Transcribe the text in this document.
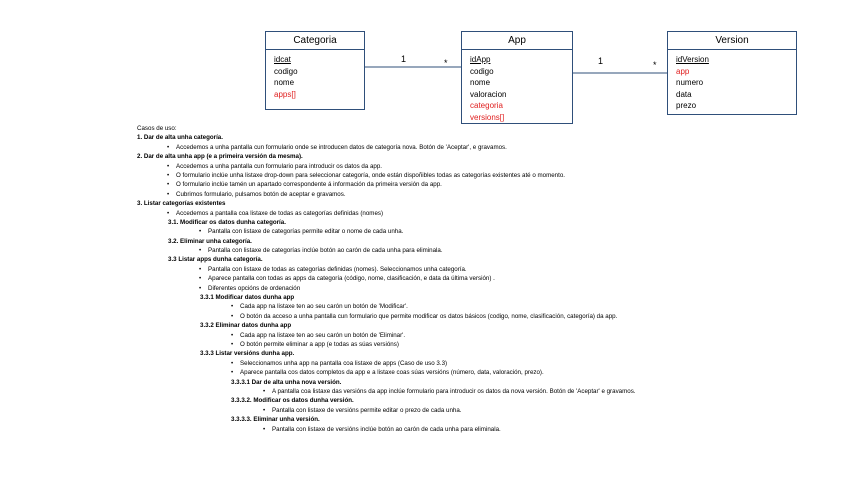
Categoria
idcat
codigo
nome
apps[]
App
idApp
codigo
nome
valoracion
categoria
versions[]
Version
idVersion
app
numero
data
prezo
1	*	1	*
Casos de uso:
1. Dar de alta unha categoría.
• Accedemos a unha pantalla cun formulario onde se introducen datos de categoría nova. Botón de 'Aceptar', e gravamos.
2. Dar de alta unha app (e a primeira versión da mesma).
• Accedemos a unha pantalla cun formulario para introducir os datos da app.
• O formulario inclúe unha listaxe drop-down para seleccionar categoría, onde están dispoñibles todas as categorías existentes até o momento.
• O formulario inclúe tamén un apartado correspondente á información da primeira versión da app.
• Cubrimos formulario, pulsamos botón de aceptar e gravamos.
3. Listar categorías existentes
• Accedemos a pantalla coa listaxe de todas as categorías definidas (nomes)
3.1. Modificar os datos dunha categoría.
• Pantalla con listaxe de categorías permite editar o nome de cada unha.
3.2. Eliminar unha categoría.
• Pantalla con listaxe de categorías inclúe botón ao carón de cada unha para eliminala.
3.3 Listar apps dunha categoría.
• Pantalla con listaxe de todas as categorías definidas (nomes). Seleccionamos unha categoría.
• Aparece pantalla con todas as apps da categoría (código, nome, clasificación, e data da última versión) .
• Diferentes opcións de ordenación
3.3.1 Modificar datos dunha app
• Cada app na listaxe ten ao seu carón un botón de 'Modificar'.
• O botón da acceso a unha pantalla cun formulario que permite modificar os datos básicos (codigo, nome, clasificación, categoría) da app.
3.3.2 Eliminar datos dunha app
• Cada app na listaxe ten ao seu carón un botón de 'Eliminar'.
• O botón permite eliminar a app (e todas as súas versións)
3.3.3 Listar versións dunha app.
• Seleccionamos unha app na pantalla coa listaxe de apps (Caso de uso 3.3)
• Aparece pantalla cos datos completos da app e a listaxe coas súas versións (número, data, valoración, prezo).
3.3.3.1 Dar de alta unha nova versión.
• A pantalla coa listaxe das versións da app inclúe formulario para introducir os datos da nova versión. Botón de 'Aceptar' e gravamos.
3.3.3.2. Modificar os datos dunha versión.
• Pantalla con listaxe de versións permite editar o prezo de cada unha.
3.3.3.3. Eliminar unha versión.
• Pantalla con listaxe de versións inclúe botón ao carón de cada unha para eliminala.
